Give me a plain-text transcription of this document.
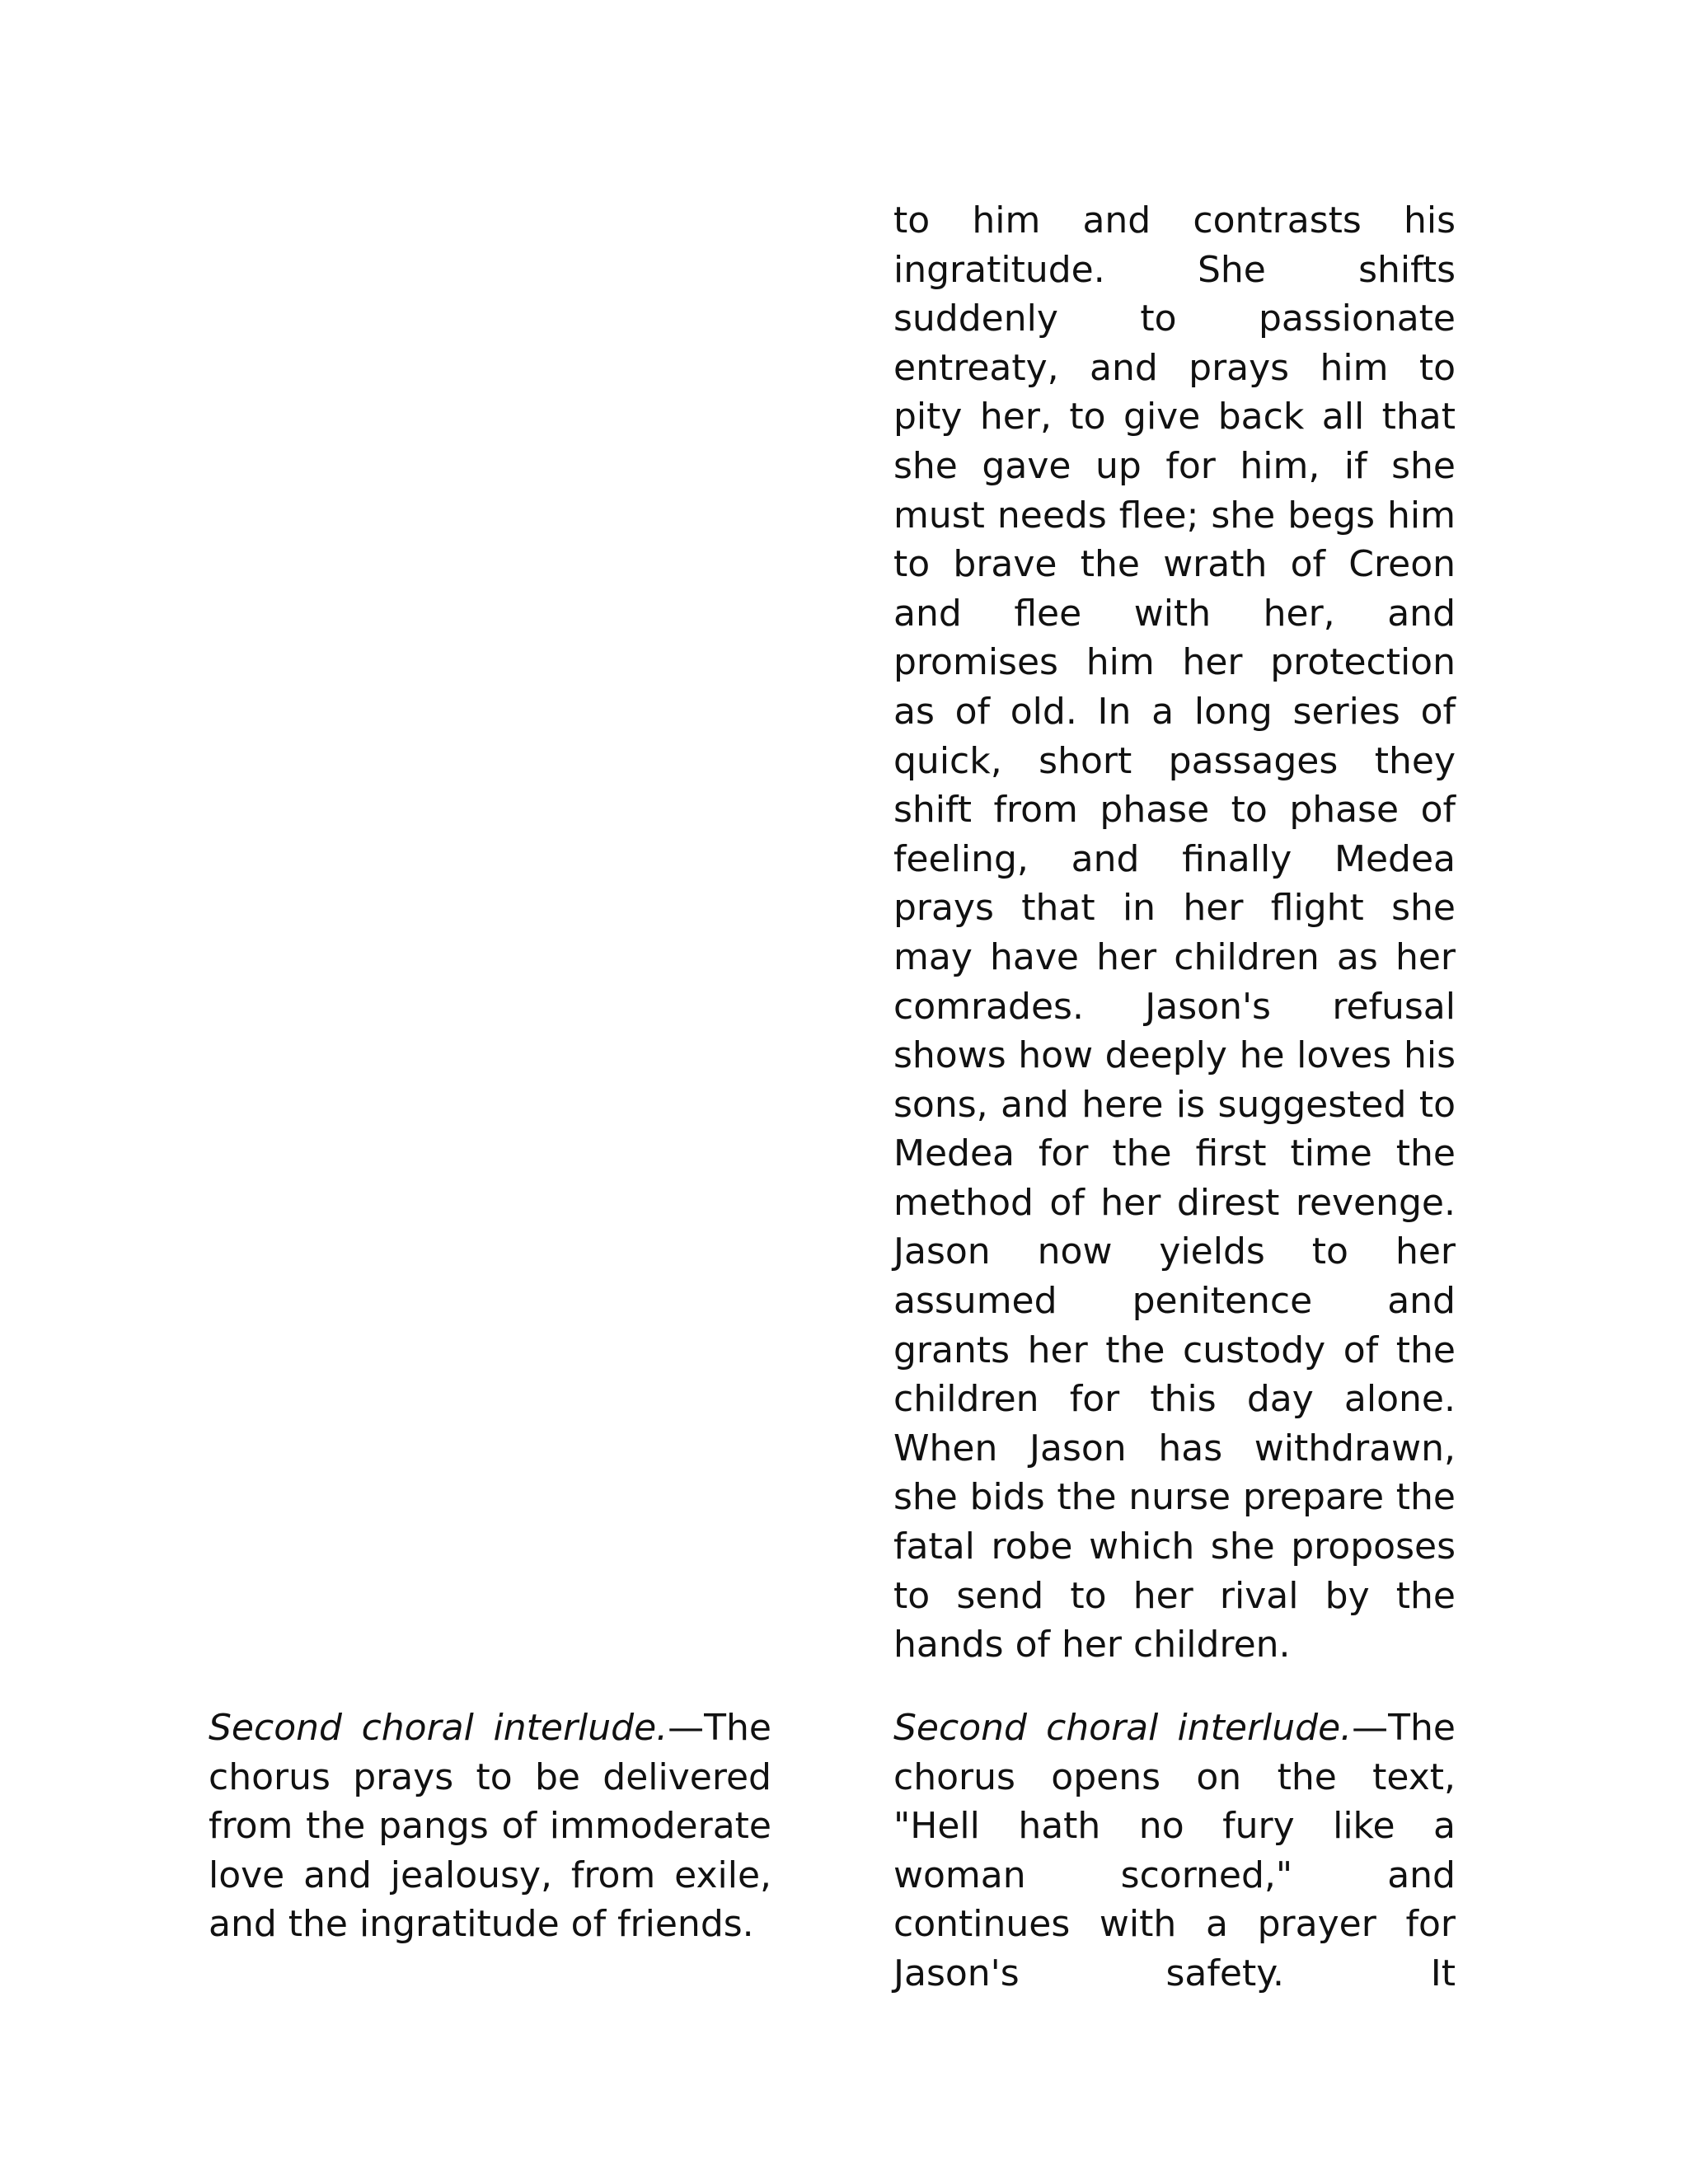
to him and contrasts his ingratitude. She shifts suddenly to passionate entreaty, and prays him to pity her, to give back all that she gave up for him, if she must needs flee; she begs him to brave the wrath of Creon and flee with her, and promises him her protection as of old. In a long series of quick, short passages they shift from phase to phase of feeling, and finally Medea prays that in her flight she may have her children as her comrades. Jason's refusal shows how deeply he loves his sons, and here is suggested to Medea for the first time the method of her direst revenge. Jason now yields to her assumed penitence and grants her the custody of the children for this day alone. When Jason has withdrawn, she bids the nurse prepare the fatal robe which she proposes to send to her rival by the hands of her children.

Second choral interlude.—The chorus prays to be delivered from the pangs of immoderate love and jealousy, from exile, and the ingratitude of friends.

Second choral interlude.—The chorus opens on the text, "Hell hath no fury like a woman scorned," and continues with a prayer for Jason's safety. It
